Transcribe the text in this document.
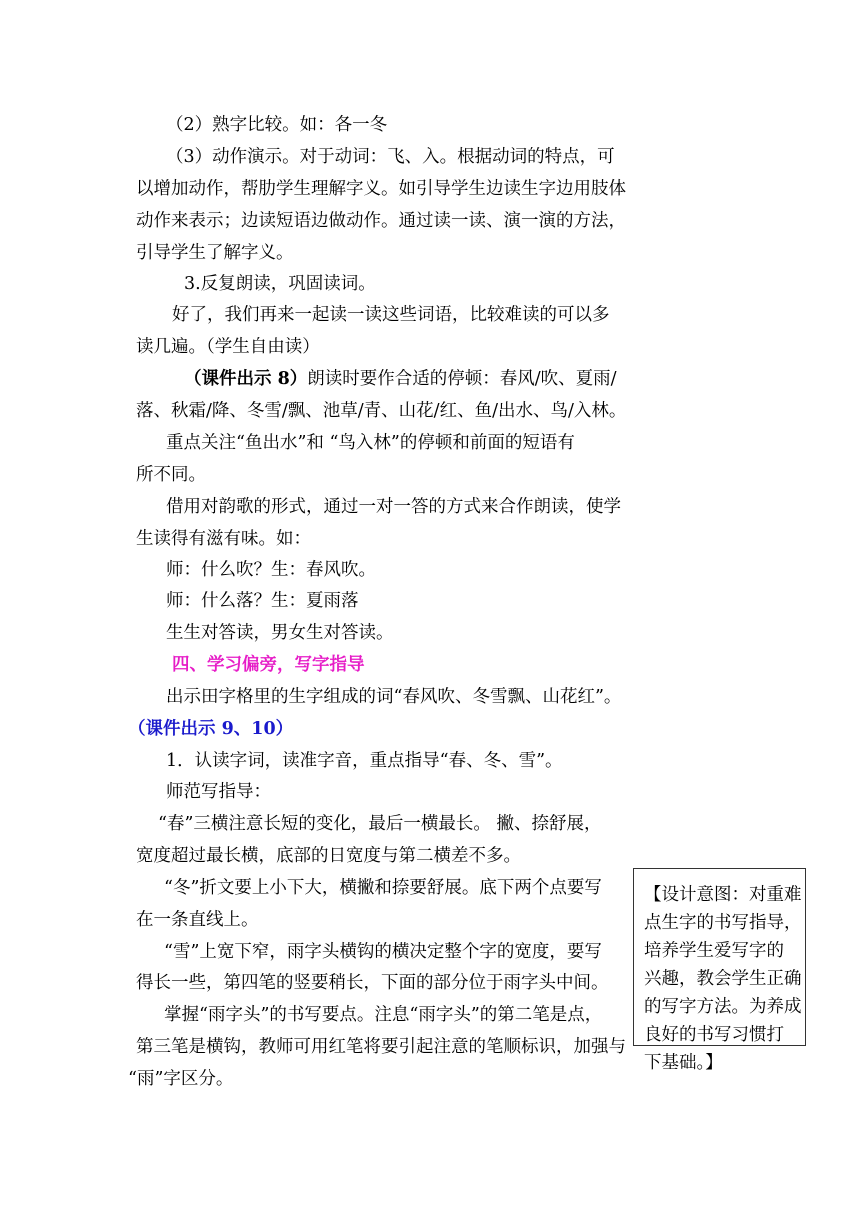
（2）熟字比较。如：各一冬
（3）动作演示。对于动词：飞、入。根据动词的特点，可
以增加动作，帮肋学生理解字义。如引导学生边读生字边用肢体
动作来表示；边读短语边做动作。通过读一读、演一演的方法，
引导学生了解字义。
3.反复朗读，巩固读词。
好了，我们再来一起读一读这些词语，比较难读的可以多
读几遍。（学生自由读）
（课件出示 8）朗读时要作合适的停顿：春风/吹、夏雨/
落、秋霜/降、冬雪/飘、池草/青、山花/红、鱼/出水、鸟/入林。
重点关注“鱼出水”和 “鸟入林”的停顿和前面的短语有
所不同。
借用对韵歌的形式，通过一对一答的方式来合作朗读，使学
生读得有滋有味。如：
师：什么吹？生：春风吹。
师：什么落？生：夏雨落
生生对答读，男女生对答读。
四、学习偏旁，写字指导
出示田字格里的生字组成的词“春风吹、冬雪飘、山花红”。
（课件出示 9、10）
1．认读字词，读准字音，重点指导“春、冬、雪”。
师范写指导：
“春”三横注意长短的变化，最后一横最长。 撇、捺舒展，
宽度超过最长横，底部的日宽度与第二横差不多。
“冬”折文要上小下大，横撇和捺要舒展。底下两个点要写
在一条直线上。
“雪”上宽下窄，雨字头横钩的横决定整个字的宽度，要写
得长一些，第四笔的竖要稍长，下面的部分位于雨字头中间。
掌握“雨字头”的书写要点。注息“雨字头”的第二笔是点，
第三笔是横钩，教师可用红笔将要引起注意的笔顺标识，加强与
“雨”字区分。
【设计意图：对重难
点生字的书写指导，
培养学生爱写字的
兴趣，教会学生正确
的写字方法。为养成
良好的书写习惯打
下基础。】
